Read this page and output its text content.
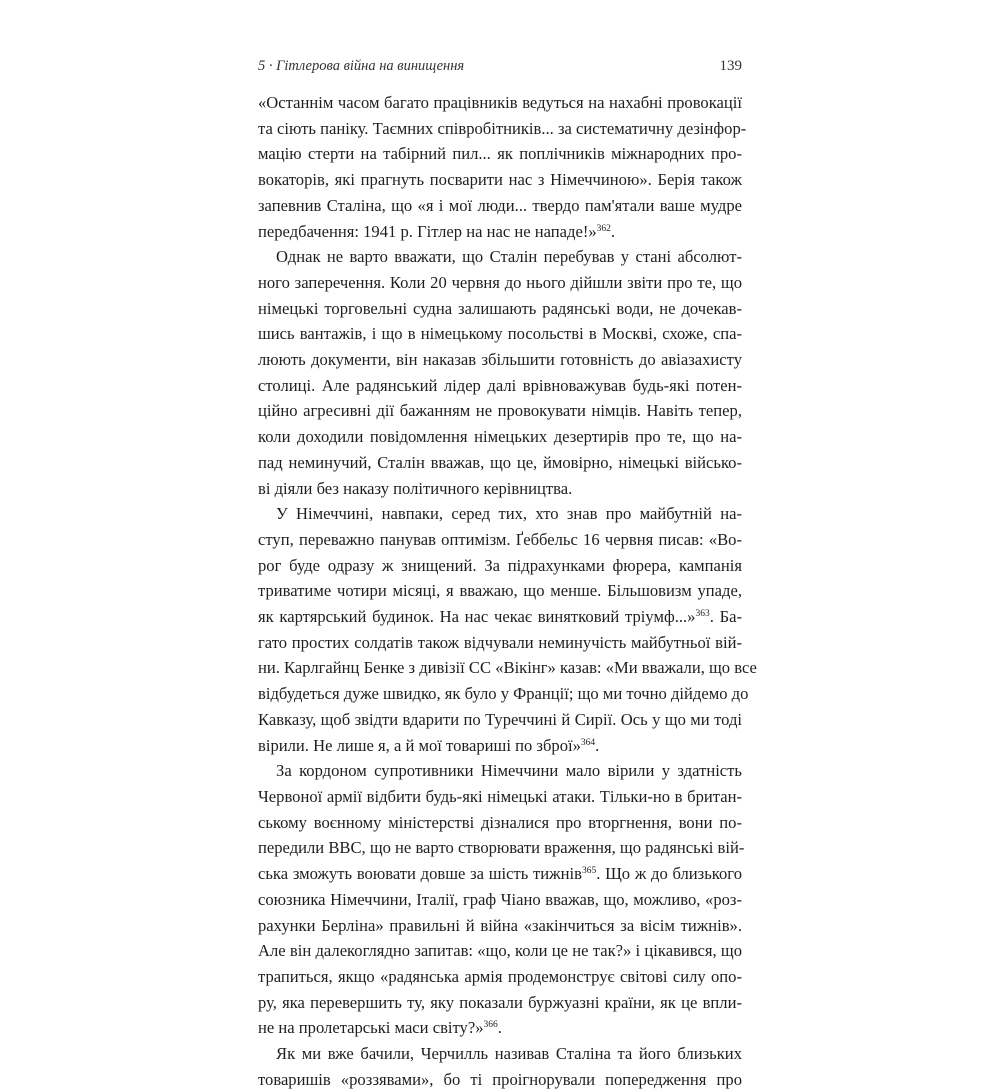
5 · Гітлерова війна на винищення	139

«Останнім часом багато працівників ведуться на нахабні провокації
та сіють паніку. Таємних співробітників... за систематичну дезінфор-
мацію стерти на табірний пил... як поплічників міжнародних про-
вокаторів, які прагнуть посварити нас з Німеччиною». Берія також
запевнив Сталіна, що «я і мої люди... твердо пам'ятали ваше мудре
передбачення: 1941 р. Гітлер на нас не нападе!»$^{362}$.

Однак не варто вважати, що Сталін перебував у стані абсолют-
ного заперечення. Коли 20 червня до нього дійшли звіти про те, що
німецькі торговельні судна залишають радянські води, не дочекав-
шись вантажів, і що в німецькому посольстві в Москві, схоже, спа-
люють документи, він наказав збільшити готовність до авіазахисту
столиці. Але радянський лідер далі врівноважував будь-які потен-
ційно агресивні дії бажанням не провокувати німців. Навіть тепер,
коли доходили повідомлення німецьких дезертирів про те, що на-
пад неминучий, Сталін вважав, що це, ймовірно, німецькі військо-
ві діяли без наказу політичного керівництва.

У Німеччині, навпаки, серед тих, хто знав про майбутній на-
ступ, переважно панував оптимізм. Ґеббельс 16 червня писав: «Во-
рог буде одразу ж знищений. За підрахунками фюрера, кампанія
триватиме чотири місяці, я вважаю, що менше. Більшовизм упаде,
як картярський будинок. На нас чекає винятковий тріумф...»$^{363}$. Ба-
гато простих солдатів також відчували неминучість майбутньої вій-
ни. Карлгайнц Бенке з дивізії СС «Вікінг» казав: «Ми вважали, що все
відбудеться дуже швидко, як було у Франції; що ми точно дійдемо до
Кавказу, щоб звідти вдарити по Туреччині й Сирії. Ось у що ми тоді
вірили. Не лише я, а й мої товариші по зброї»$^{364}$.

За кордоном супротивники Німеччини мало вірили у здатність
Червоної армії відбити будь-які німецькі атаки. Тільки-но в британ-
ському воєнному міністерстві дізналися про вторгнення, вони по-
передили BBC, що не варто створювати враження, що радянські вій-
ська зможуть воювати довше за шість тижнів$^{365}$. Що ж до близького
союзника Німеччини, Італії, граф Чіано вважав, що, можливо, «роз-
рахунки Берліна» правильні й війна «закінчиться за вісім тижнів».
Але він далекоглядно запитав: «що, коли це не так?» і цікавився, що
трапиться, якщо «радянська армія продемонструє світові силу опо-
ру, яка перевершить ту, яку показали буржуазні країни, як це впли-
не на пролетарські маси світу?»$^{366}$.

Як ми вже бачили, Черчилль називав Сталіна та його близьких
товаришів «роззявами», бо ті проігнорували попередження про
